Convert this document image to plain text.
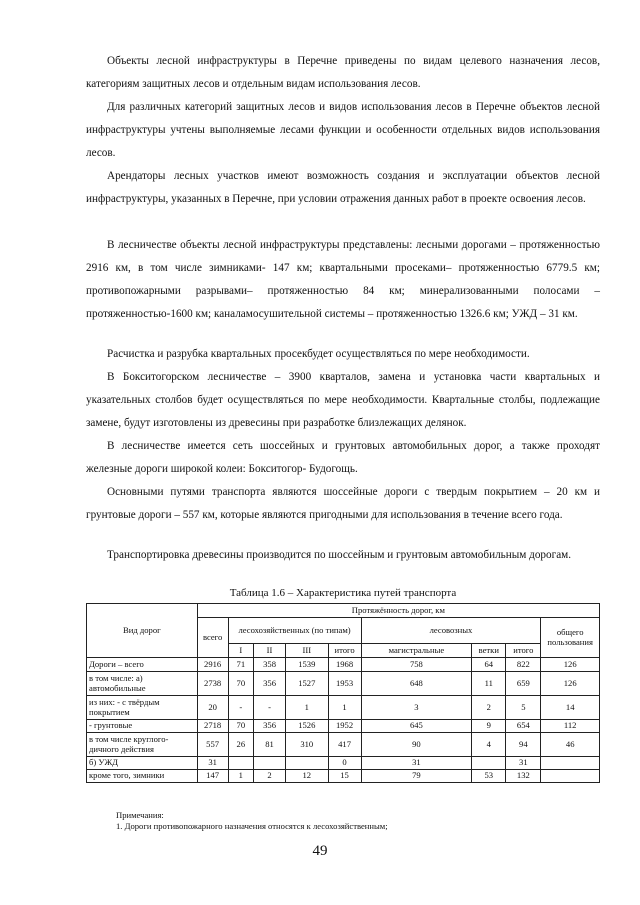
Объекты лесной инфраструктуры в Перечне приведены по видам целевого назначения лесов, категориям защитных лесов и отдельным видам использования лесов.

Для различных категорий защитных лесов и видов использования лесов в Перечне объектов лесной инфраструктуры учтены выполняемые лесами функции и особенности отдельных видов использования лесов.

Арендаторы лесных участков имеют возможность создания и эксплуатации объектов лесной инфраструктуры, указанных в Перечне, при условии отражения данных работ в проекте освоения лесов.

В лесничестве объекты лесной инфраструктуры представлены: лесными дорогами – протяженностью 2916 км, в том числе зимниками- 147 км; квартальными просеками– протяженностью 6779.5 км; противопожарными разрывами– протяженностью 84 км; минерализованными полосами –протяженностью-1600 км; каналамосушительной системы – протяженностью 1326.6 км; УЖД – 31 км.

Расчистка и разрубка квартальных просекбудет осуществляться по мере необходимости.

В Бокситогорском лесничестве – 3900 кварталов, замена и установка части квартальных и указательных столбов будет осуществляться по мере необходимости. Квартальные столбы, подлежащие замене, будут изготовлены из древесины при разработке близлежащих делянок.

В лесничестве имеется сеть шоссейных и грунтовых автомобильных дорог, а также проходят железные дороги широкой колеи: Бокситогор- Будогощь.

Основными путями транспорта являются шоссейные дороги с твердым покрытием – 20 км и грунтовые дороги – 557 км, которые являются пригодными для использования в течение всего года.

Транспортировка древесины производится по шоссейным и грунтовым автомобильным дорогам.

Таблица 1.6 – Характеристика путей транспорта
Вид дорог	Протяжённость дорог, км								
	всего	лесохозяйственных (по типам)				лесовозных			общего пользования
		I	II	III	итого	магистральные	ветки	итого	
Дороги – всего	2916	71	358	1539	1968	758	64	822	126
в том числе: а) автомобильные	2738	70	356	1527	1953	648	11	659	126
из них: - с твёрдым покрытием	20	-	-	1	1	3	2	5	14
- грунтовые	2718	70	356	1526	1952	645	9	654	112
в том числе круглого-дичного действия	557	26	81	310	417	90	4	94	46
б) УЖД	31				0	31		31	
кроме того, зимники	147	1	2	12	15	79	53	132	
Примечания:
1. Дороги противопожарного назначения относятся к лесохозяйственным;
49
